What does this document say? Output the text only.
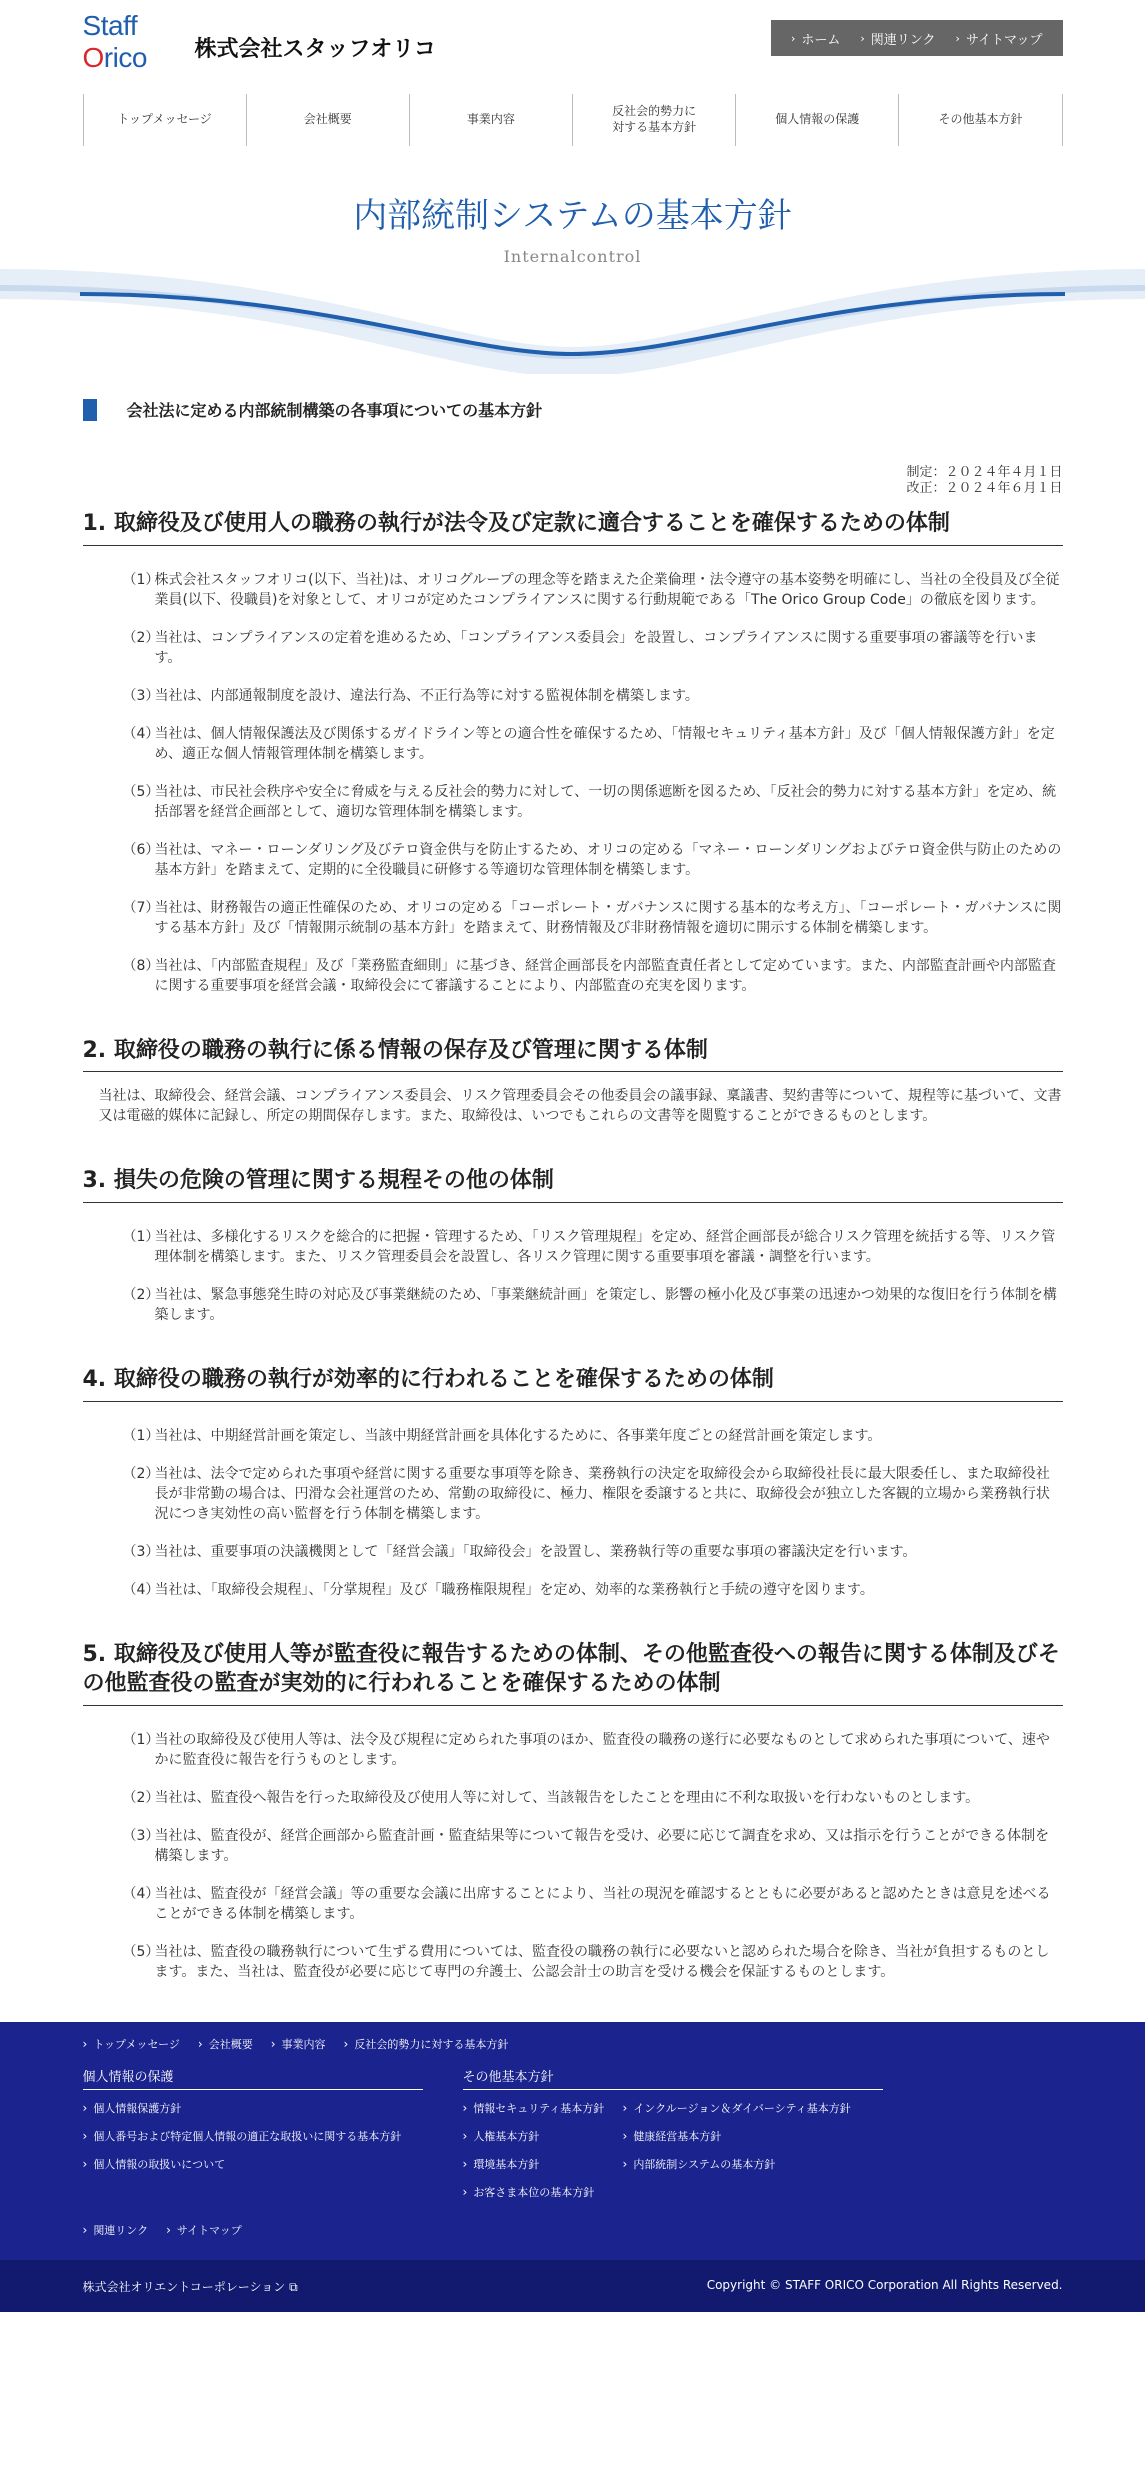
Staff
Orico 株式会社スタッフオリコ	› ホーム › 関連リンク › サイトマップ
トップメッセージ	会社概要	事業内容
反社会的勢力に
対する基本方針
個人情報の保護	その他基本方針
内部統制システムの基本方針

Internalcontrol

会社法に定める内部統制構築の各事項についての基本方針
制定：２０２４年４月１日
改正：２０２４年６月１日
1. 取締役及び使用人の職務の執行が法令及び定款に適合することを確保するための体制
（1）
株式会社スタッフオリコ(以下、当社)は、オリコグループの理念等を踏まえた企業倫理・法令遵守の基本姿勢を明確にし、当社の全役員及び全従業員(以下、役職員)を対象として、オリコが定めたコンプライアンスに関する行動規範である「The Orico Group Code」の徹底を図ります。
（2）
当社は、コンプライアンスの定着を進めるため、「コンプライアンス委員会」を設置し、コンプライアンスに関する重要事項の審議等を行います。
（3）
当社は、内部通報制度を設け、違法行為、不正行為等に対する監視体制を構築します。
（4）
当社は、個人情報保護法及び関係するガイドライン等との適合性を確保するため、「情報セキュリティ基本方針」及び「個人情報保護方針」を定め、適正な個人情報管理体制を構築します。
（5）
当社は、市民社会秩序や安全に脅威を与える反社会的勢力に対して、一切の関係遮断を図るため、「反社会的勢力に対する基本方針」を定め、統括部署を経営企画部として、適切な管理体制を構築します。
（6）
当社は、マネー・ローンダリング及びテロ資金供与を防止するため、オリコの定める「マネー・ローンダリングおよびテロ資金供与防止のための基本方針」を踏まえて、定期的に全役職員に研修する等適切な管理体制を構築します。
（7）
当社は、財務報告の適正性確保のため、オリコの定める「コーポレート・ガバナンスに関する基本的な考え方」、「コーポレート・ガバナンスに関する基本方針」及び「情報開示統制の基本方針」を踏まえて、財務情報及び非財務情報を適切に開示する体制を構築します。
（8）
当社は、「内部監査規程」及び「業務監査細則」に基づき、経営企画部長を内部監査責任者として定めています。また、内部監査計画や内部監査に関する重要事項を経営会議・取締役会にて審議することにより、内部監査の充実を図ります。
2. 取締役の職務の執行に係る情報の保存及び管理に関する体制

当社は、取締役会、経営会議、コンプライアンス委員会、リスク管理委員会その他委員会の議事録、稟議書、契約書等について、規程等に基づいて、文書又は電磁的媒体に記録し、所定の期間保存します。また、取締役は、いつでもこれらの文書等を閲覧することができるものとします。

3. 損失の危険の管理に関する規程その他の体制
（1）
当社は、多様化するリスクを総合的に把握・管理するため、「リスク管理規程」を定め、経営企画部長が総合リスク管理を統括する等、リスク管理体制を構築します。また、リスク管理委員会を設置し、各リスク管理に関する重要事項を審議・調整を行います。
（2）
当社は、緊急事態発生時の対応及び事業継続のため、「事業継続計画」を策定し、影響の極小化及び事業の迅速かつ効果的な復旧を行う体制を構築します。
4. 取締役の職務の執行が効率的に行われることを確保するための体制
（1）
当社は、中期経営計画を策定し、当該中期経営計画を具体化するために、各事業年度ごとの経営計画を策定します。
（2）
当社は、法令で定められた事項や経営に関する重要な事項等を除き、業務執行の決定を取締役会から取締役社長に最大限委任し、また取締役社長が非常勤の場合は、円滑な会社運営のため、常勤の取締役に、極力、権限を委譲すると共に、取締役会が独立した客観的立場から業務執行状況につき実効性の高い監督を行う体制を構築します。
（3）
当社は、重要事項の決議機関として「経営会議」「取締役会」を設置し、業務執行等の重要な事項の審議決定を行います。
（4）
当社は、「取締役会規程」、「分掌規程」及び「職務権限規程」を定め、効率的な業務執行と手続の遵守を図ります。
5. 取締役及び使用人等が監査役に報告するための体制、その他監査役への報告に関する体制及びその他監査役の監査が実効的に行われることを確保するための体制
（1）
当社の取締役及び使用人等は、法令及び規程に定められた事項のほか、監査役の職務の遂行に必要なものとして求められた事項について、速やかに監査役に報告を行うものとします。
（2）
当社は、監査役へ報告を行った取締役及び使用人等に対して、当該報告をしたことを理由に不利な取扱いを行わないものとします。
（3）
当社は、監査役が、経営企画部から監査計画・監査結果等について報告を受け、必要に応じて調査を求め、又は指示を行うことができる体制を構築します。
（4）
当社は、監査役が「経営会議」等の重要な会議に出席することにより、当社の現況を確認するとともに必要があると認めたときは意見を述べることができる体制を構築します。
（5）
当社は、監査役の職務執行について生ずる費用については、監査役の職務の執行に必要ないと認められた場合を除き、当社が負担するものとします。また、当社は、監査役が必要に応じて専門の弁護士、公認会計士の助言を受ける機会を保証するものとします。
› トップメッセージ	› 会社概要	› 事業内容	› 反社会的勢力に対する基本方針
個人情報の保護
› 個人情報保護方針
› 個人番号および特定個人情報の適正な取扱いに関する基本方針
› 個人情報の取扱いについて
その他基本方針
› 情報セキュリティ基本方針
› 人権基本方針
› 環境基本方針
› お客さま本位の基本方針
› インクルージョン＆ダイバーシティ基本方針
› 健康経営基本方針
› 内部統制システムの基本方針
› 関連リンク	› サイトマップ
株式会社オリエントコーポレーション ⧉	Copyright © STAFF ORICO Corporation All Rights Reserved.
